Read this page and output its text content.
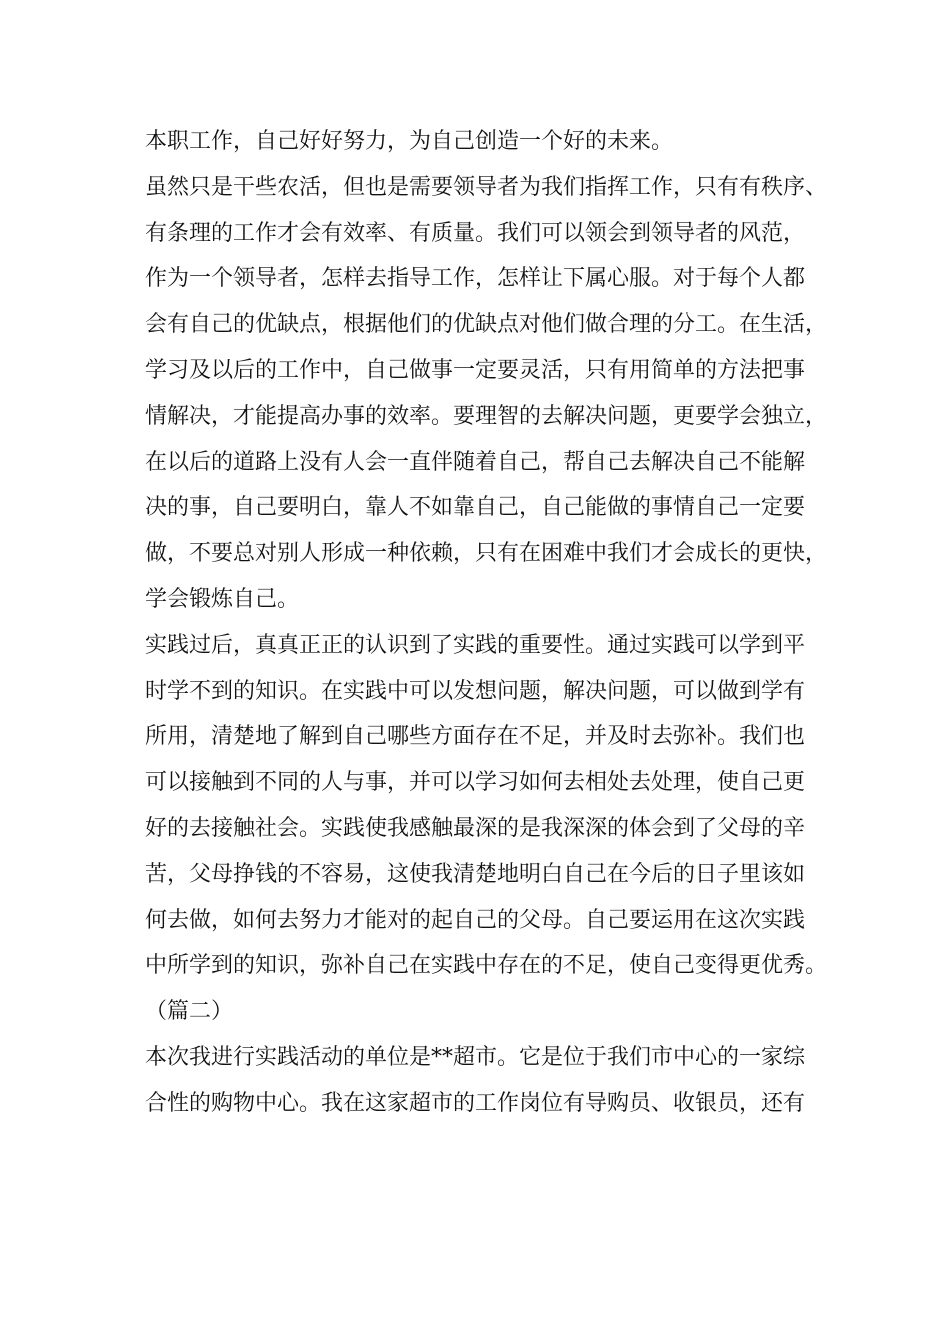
本职工作，自己好好努力，为自己创造一个好的未来。
虽然只是干些农活，但也是需要领导者为我们指挥工作，只有有秩序、
有条理的工作才会有效率、有质量。我们可以领会到领导者的风范，
作为一个领导者，怎样去指导工作，怎样让下属心服。对于每个人都
会有自己的优缺点，根据他们的优缺点对他们做合理的分工。在生活，
学习及以后的工作中，自己做事一定要灵活，只有用简单的方法把事
情解决，才能提高办事的效率。要理智的去解决问题，更要学会独立，
在以后的道路上没有人会一直伴随着自己，帮自己去解决自己不能解
决的事，自己要明白，靠人不如靠自己，自己能做的事情自己一定要
做，不要总对别人形成一种依赖，只有在困难中我们才会成长的更快，
学会锻炼自己。
实践过后，真真正正的认识到了实践的重要性。通过实践可以学到平
时学不到的知识。在实践中可以发想问题，解决问题，可以做到学有
所用，清楚地了解到自己哪些方面存在不足，并及时去弥补。我们也
可以接触到不同的人与事，并可以学习如何去相处去处理，使自己更
好的去接触社会。实践使我感触最深的是我深深的体会到了父母的辛
苦，父母挣钱的不容易，这使我清楚地明白自己在今后的日子里该如
何去做，如何去努力才能对的起自己的父母。自己要运用在这次实践
中所学到的知识，弥补自己在实践中存在的不足，使自己变得更优秀。
（篇二）
本次我进行实践活动的单位是**超市。它是位于我们市中心的一家综
合性的购物中心。我在这家超市的工作岗位有导购员、收银员，还有
